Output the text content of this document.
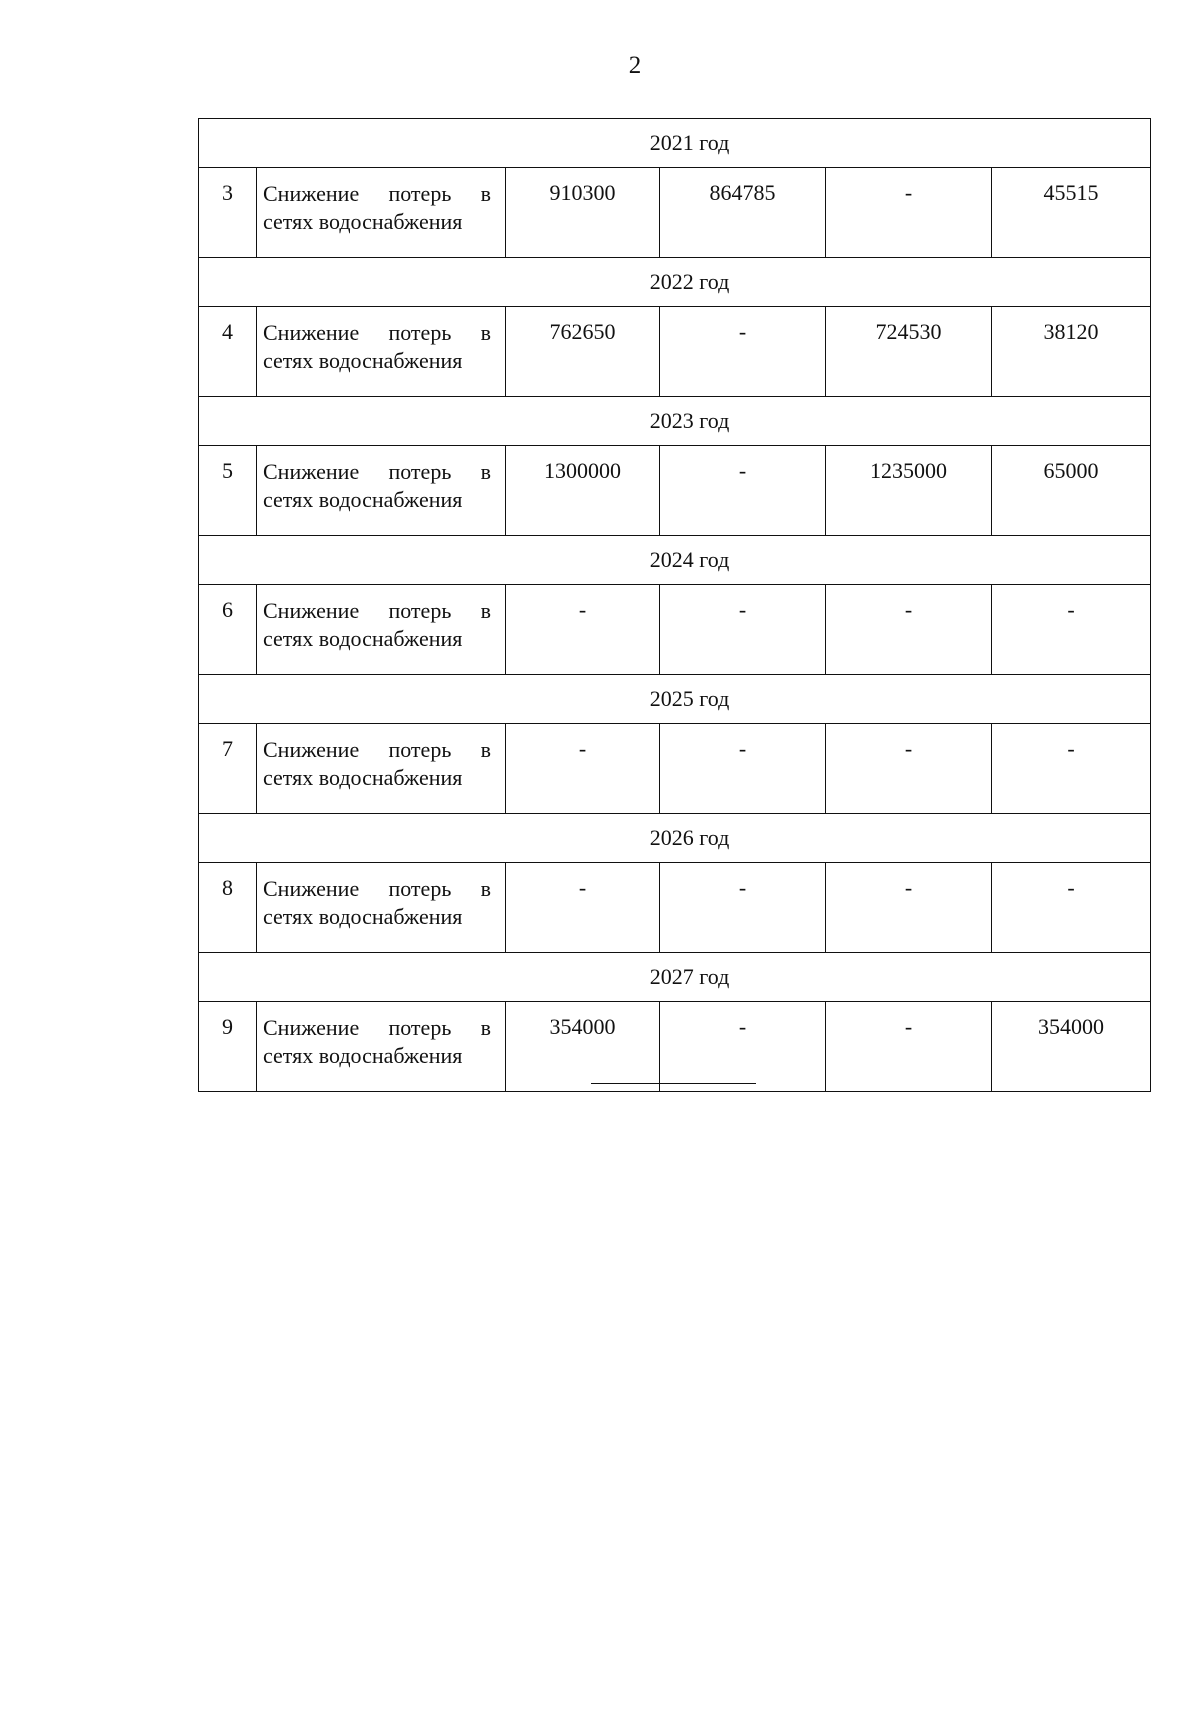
2
2021 год					
3	Снижение потерь в
сетях водоснабжения	910300	864785	-	45515
2022 год					
4	Снижение потерь в
сетях водоснабжения	762650	-	724530	38120
2023 год					
5	Снижение потерь в
сетях водоснабжения	1300000	-	1235000	65000
2024 год					
6	Снижение потерь в
сетях водоснабжения	-	-	-	-
2025 год					
7	Снижение потерь в
сетях водоснабжения	-	-	-	-
2026 год					
8	Снижение потерь в
сетях водоснабжения	-	-	-	-
2027 год					
9	Снижение потерь в
сетях водоснабжения	354000	-	-	354000
